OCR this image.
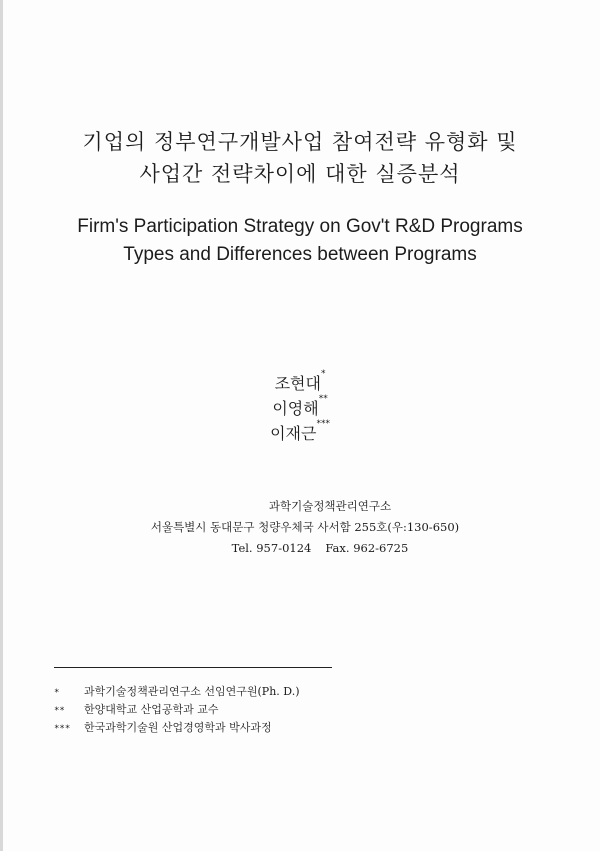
기업의 정부연구개발사업 참여전략 유형화 및
사업간 전략차이에 대한 실증분석
Firm's Participation Strategy on Gov't R&D Programs
Types and Differences between Programs
조현대*
이영해**
이재근***
과학기술정책관리연구소
서울특별시 동대문구 청량우체국 사서함 255호(우:130-650)
Tel. 957-0124 Fax. 962-6725
* 과학기술정책관리연구소 선임연구원(Ph. D.)
** 한양대학교 산업공학과 교수
*** 한국과학기술원 산업경영학과 박사과정
